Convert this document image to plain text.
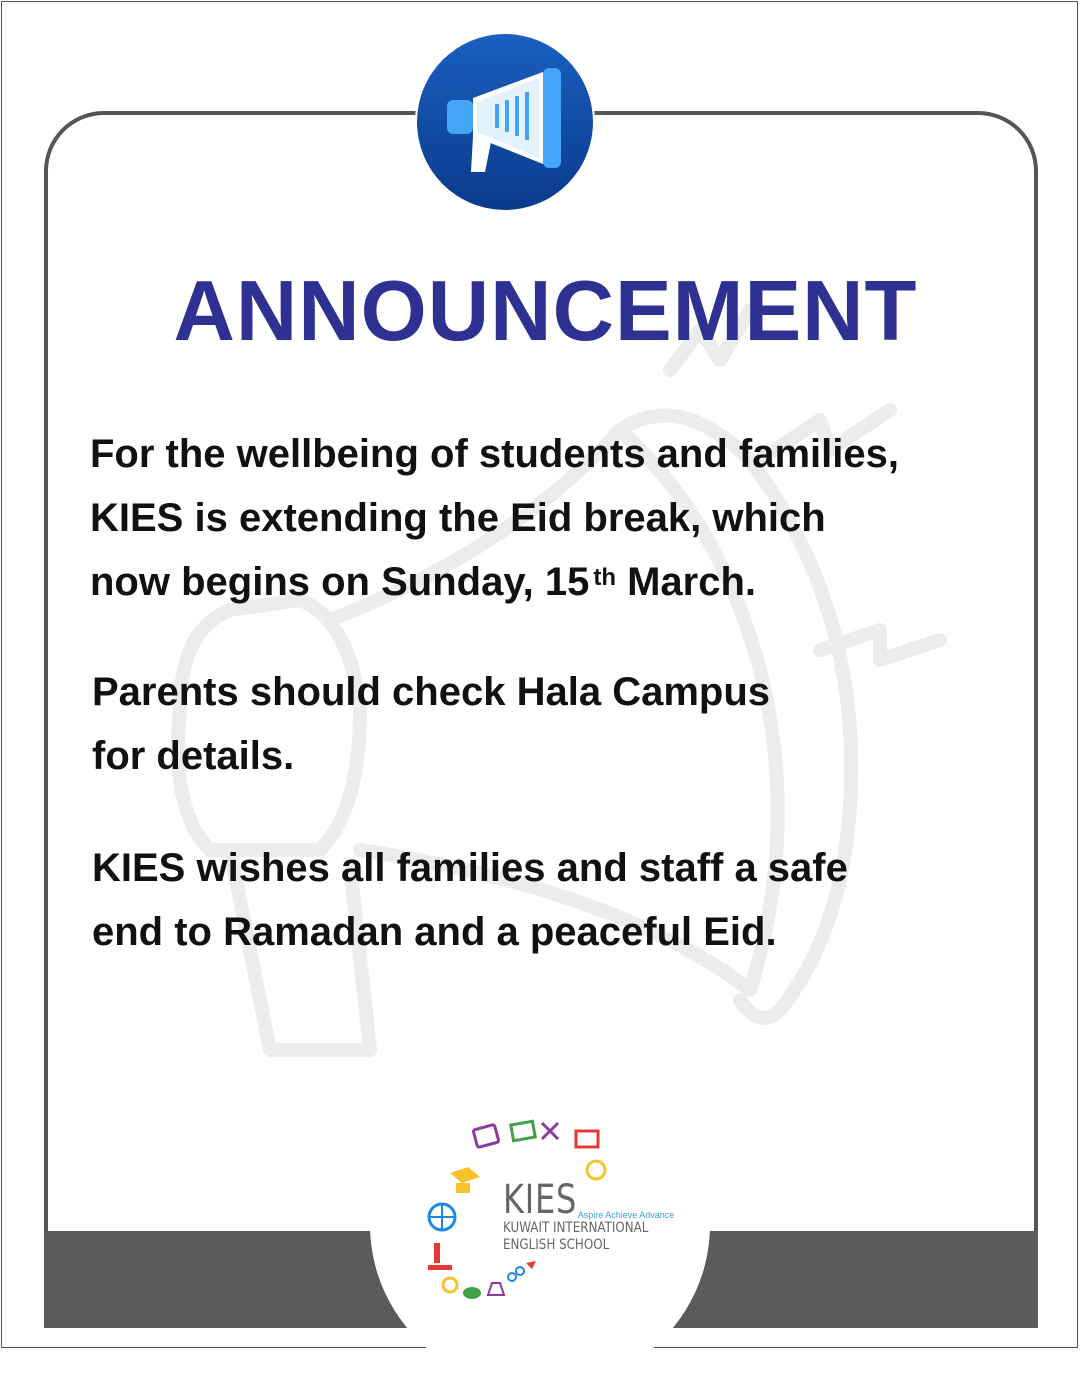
ANNOUNCEMENT
For the wellbeing of students and families,
KIES is extending the Eid break, which
now begins on Sunday, 15 $^{th}$ March.
Parents should check Hala Campus
for details.
KIES wishes all families and staff a safe
end to Ramadan and a peaceful Eid.
KIESAspire Achieve Advance
KUWAIT INTERNATIONAL
ENGLISH SCHOOL
